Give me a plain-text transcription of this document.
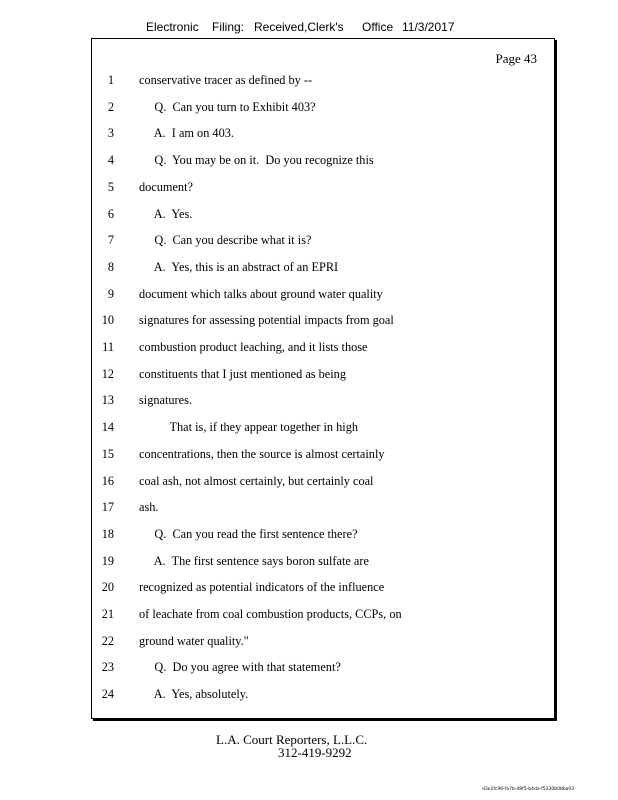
Electronic Filing: Received,Clerk's Office 11/3/2017
Page 43
1 conservative tracer as defined by --
2 Q.  Can you turn to Exhibit 403?
3 A.  I am on 403.
4 Q.  You may be on it.  Do you recognize this
5 document?
6 A.  Yes.
7 Q.  Can you describe what it is?
8 A.  Yes, this is an abstract of an EPRI
9 document which talks about ground water quality
10 signatures for assessing potential impacts from goal
11 combustion product leaching, and it lists those
12 constituents that I just mentioned as being
13 signatures.
14 That is, if they appear together in high
15 concentrations, then the source is almost certainly
16 coal ash, not almost certainly, but certainly coal
17 ash.
18 Q.  Can you read the first sentence there?
19 A.  The first sentence says boron sulfate are
20 recognized as potential indicators of the influence
21 of leachate from coal combustion products, CCPs, on
22 ground water quality."
23 Q.  Do you agree with that statement?
24 A.  Yes, absolutely.
L.A. Court Reporters, L.L.C.
312-419-9292
d3e1fc96-fa7b-48f5-b4da-f5330b08ba03
